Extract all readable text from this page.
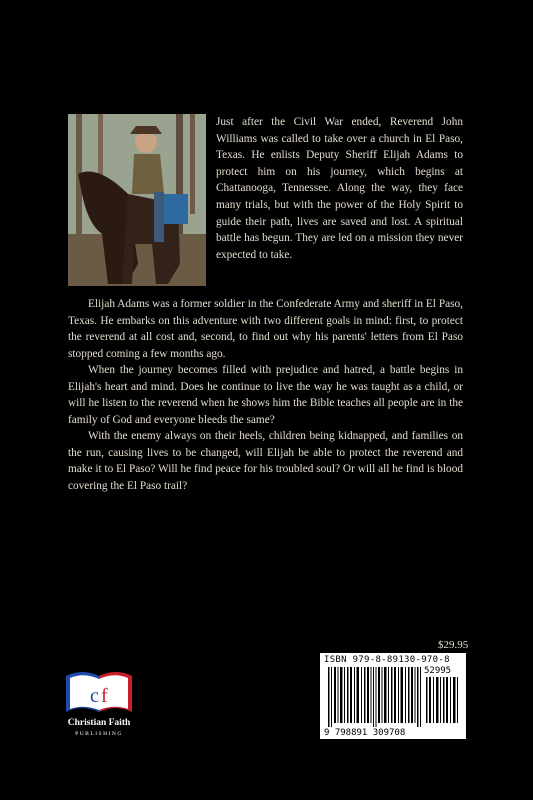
Just after the Civil War ended, Reverend John Williams was called to take over a church in El Paso, Texas. He enlists Deputy Sheriff Elijah Adams to protect him on his journey, which begins at Chattanooga, Tennessee. Along the way, they face many trials, but with the power of the Holy Spirit to guide their path, lives are saved and lost. A spiritual battle has begun. They are led on a mission they never expected to take.

Elijah Adams was a former soldier in the Confederate Army and sheriff in El Paso, Texas. He embarks on this adventure with two different goals in mind: first, to protect the reverend at all cost and, second, to find out why his parents' letters from El Paso stopped coming a few months ago.

When the journey becomes filled with prejudice and hatred, a battle begins in Elijah's heart and mind. Does he continue to live the way he was taught as a child, or will he listen to the reverend when he shows him the Bible teaches all people are in the family of God and everyone bleeds the same?

With the enemy always on their heels, children being kidnapped, and families on the run, causing lives to be changed, will Elijah be able to protect the reverend and make it to El Paso? Will he find peace for his troubled soul? Or will all he find is blood covering the El Paso trail?

$29.95
ISBN 979-8-89130-970-8
52995
9 798891 309708
c f
Christian Faith
PUBLISHING
